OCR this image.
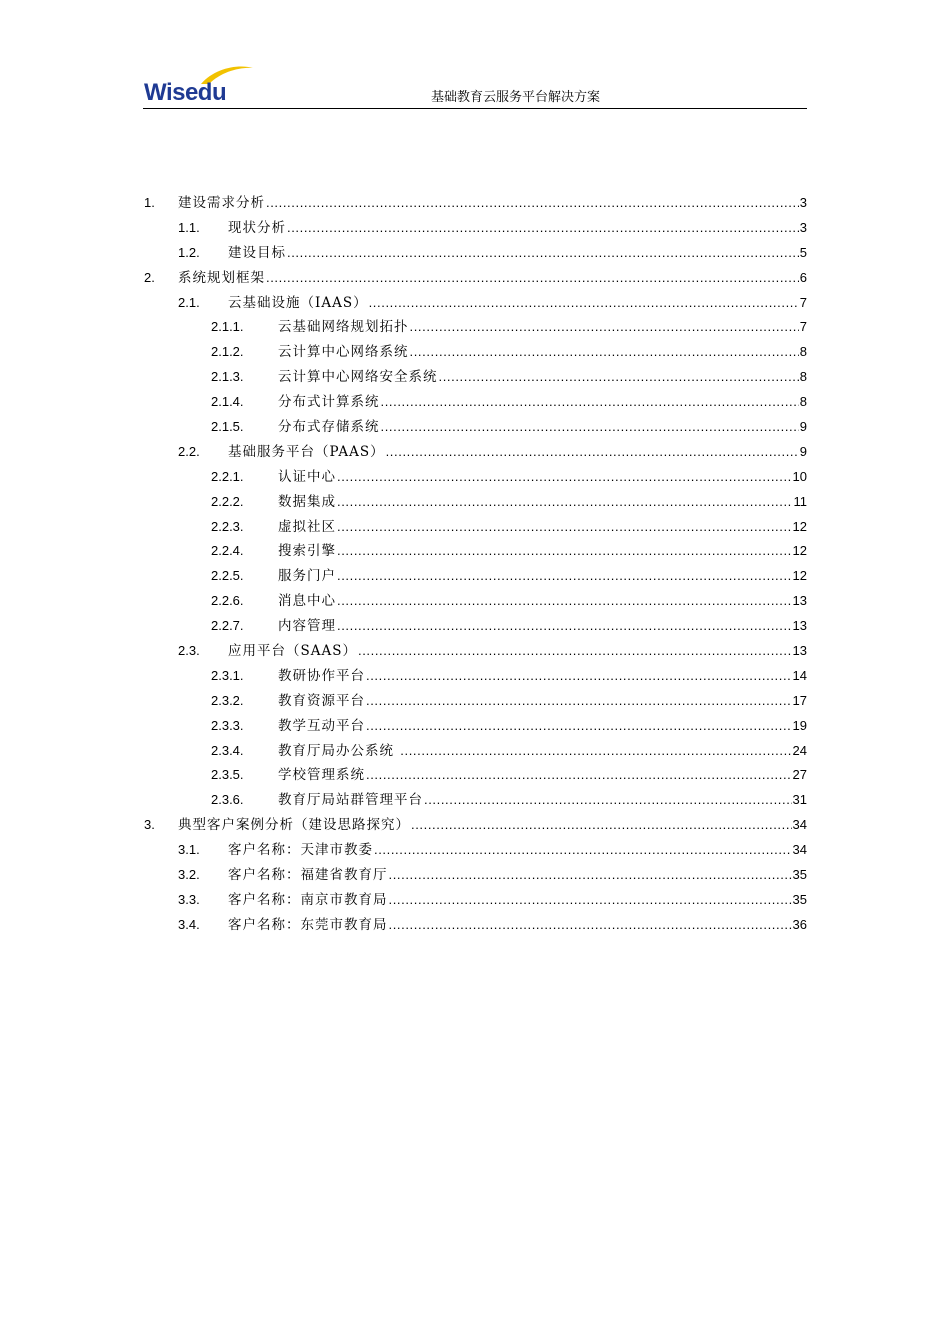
Wisedu	基础教育云服务平台解决方案
1. 建设需求分析 .....	3
1.1. 现状分析 .....	3
1.2. 建设目标 .....	5
2. 系统规划框架 .....	6
2.1. 云基础设施（IAAS） .....	7
2.1.1.	云基础网络规划拓扑 .....	7
2.1.2.	云计算中心网络系统 .....	8
2.1.3.	云计算中心网络安全系统 .....	8
2.1.4.	分布式计算系统 .....	8
2.1.5.	分布式存储系统 .....	9
2.2. 基础服务平台（PAAS） .....	9
2.2.1.	认证中心 .....	10
2.2.2.	数据集成 .....	11
2.2.3.	虚拟社区 .....	12
2.2.4.	搜索引擎 .....	12
2.2.5.	服务门户 .....	12
2.2.6.	消息中心 .....	13
2.2.7.	内容管理 .....	13
2.3. 应用平台（SAAS） .....	13
2.3.1.	教研协作平台 .....	14
2.3.2.	教育资源平台 .....	17
2.3.3.	教学互动平台 .....	19
2.3.4.	教育厅局办公系统 .....	24
2.3.5.	学校管理系统 .....	27
2.3.6.	教育厅局站群管理平台 .....	31
3. 典型客户案例分析（建设思路探究） .....	34
3.1. 客户名称：天津市教委 .....	34
3.2. 客户名称：福建省教育厅 .....	35
3.3. 客户名称：南京市教育局 .....	35
3.4. 客户名称：东莞市教育局 .....	36
